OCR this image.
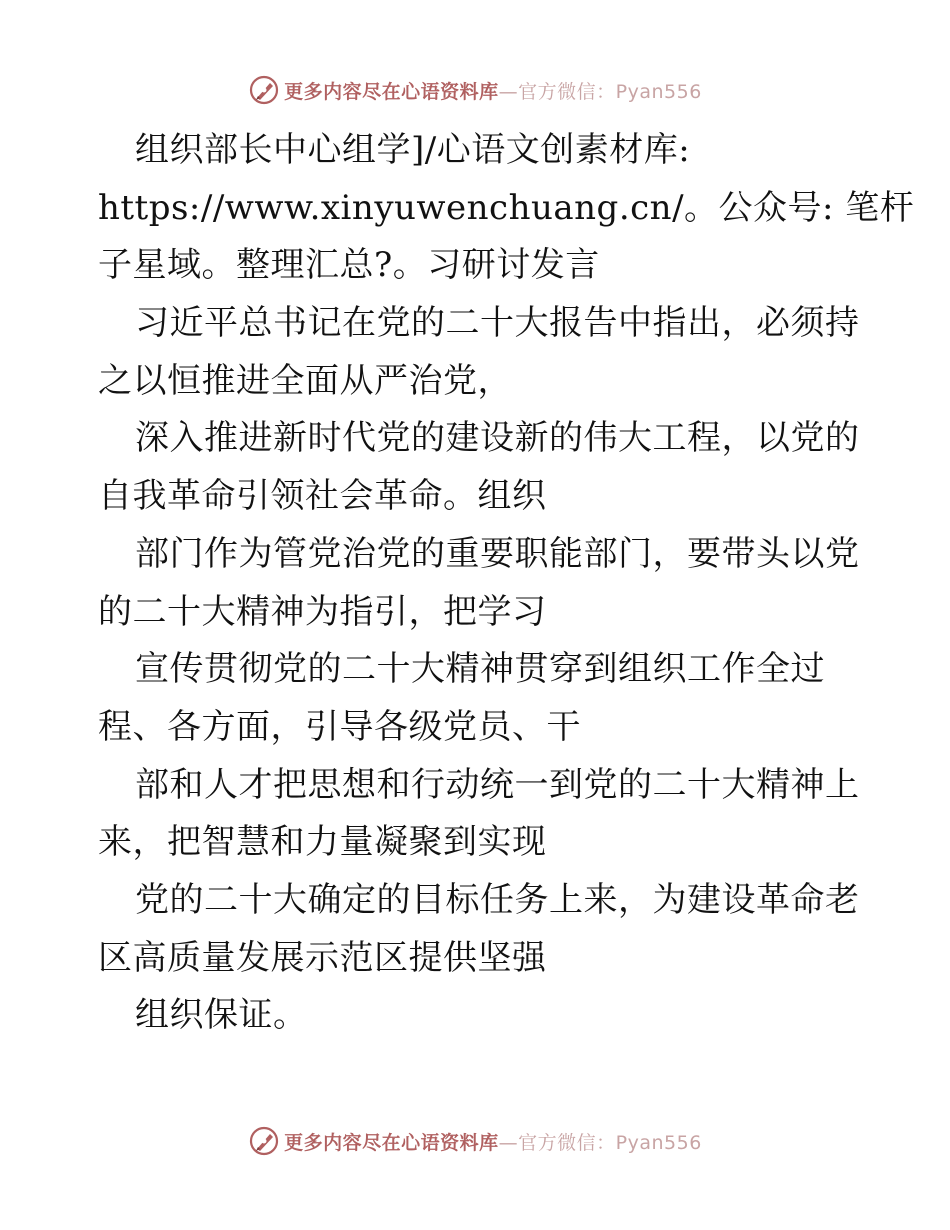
更多内容尽在心语资料库—官方微信：Pyan556
组织部长中心组学]/心语文创素材库:
https://www.xinyuwenchuang.cn/。公众号: 笔杆
子星域。整理汇总?。习研讨发言
习近平总书记在党的二十大报告中指出，必须持
之以恒推进全面从严治党，
深入推进新时代党的建设新的伟大工程，以党的
自我革命引领社会革命。组织
部门作为管党治党的重要职能部门，要带头以党
的二十大精神为指引，把学习
宣传贯彻党的二十大精神贯穿到组织工作全过
程、各方面，引导各级党员、干
部和人才把思想和行动统一到党的二十大精神上
来，把智慧和力量凝聚到实现
党的二十大确定的目标任务上来，为建设革命老
区高质量发展示范区提供坚强
组织保证。
更多内容尽在心语资料库—官方微信：Pyan556
